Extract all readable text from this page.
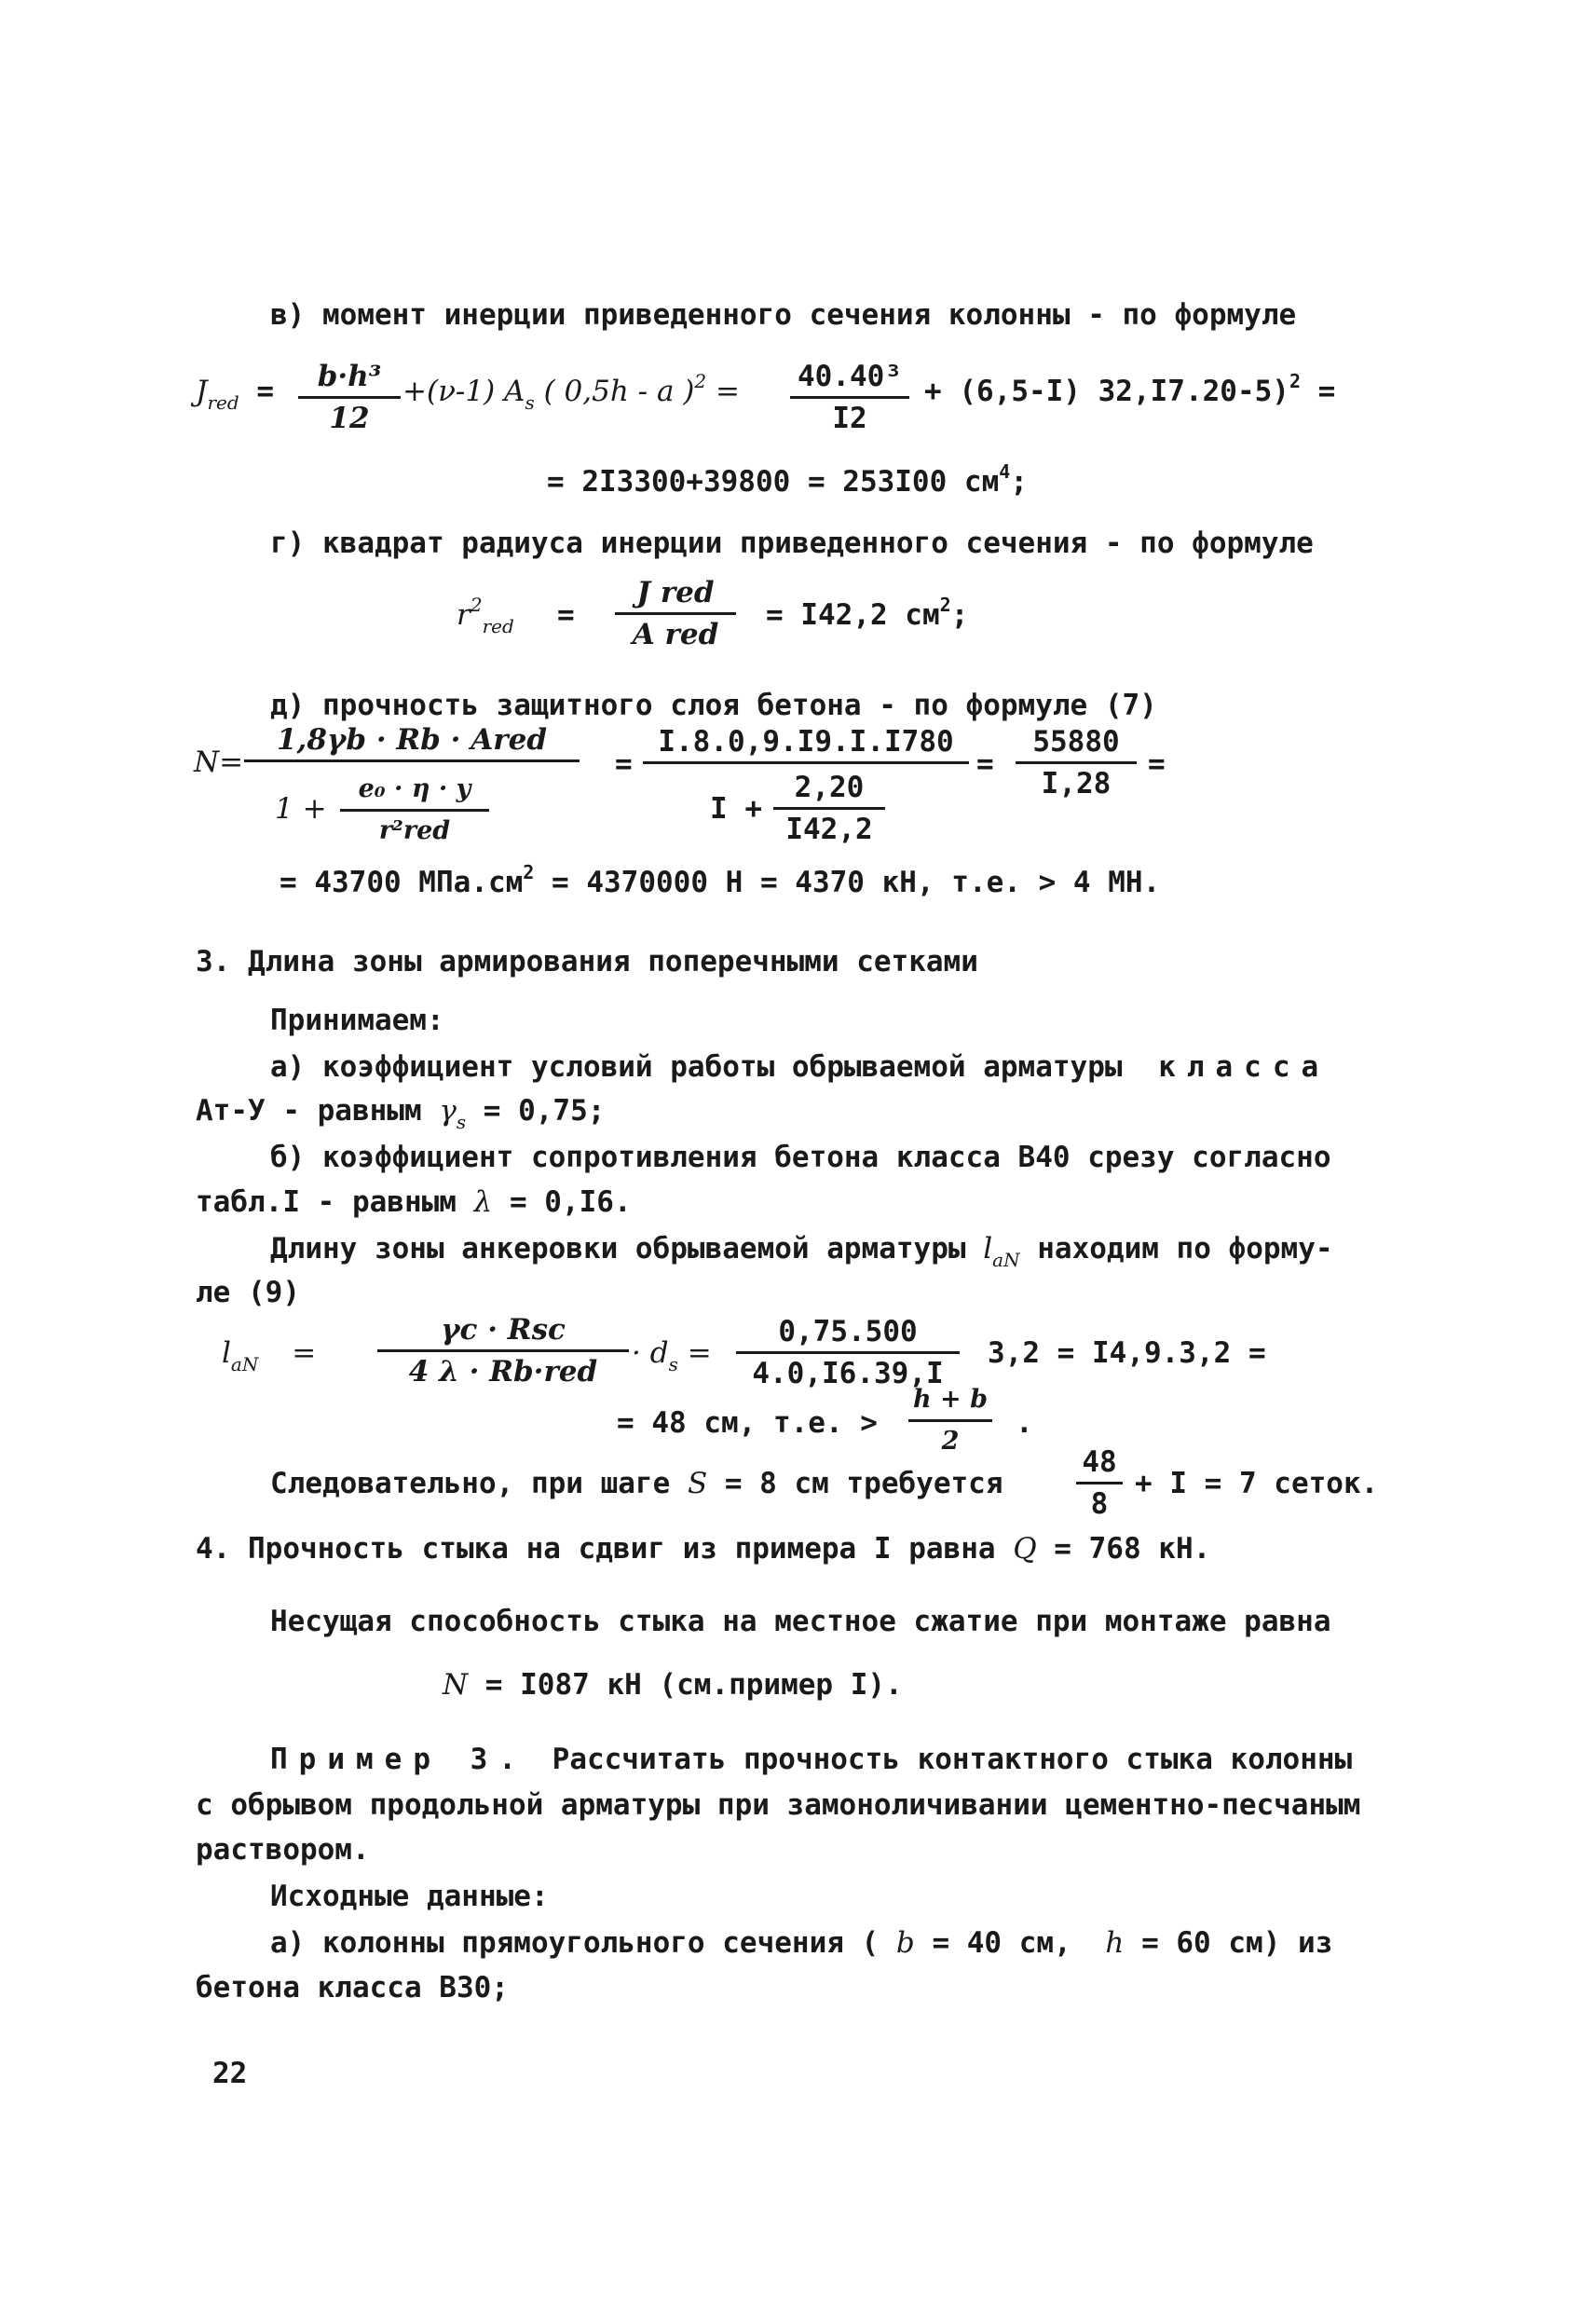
в) момент инерции приведенного сечения колонны - по формуле
$J_{red}$ =	b·h³
12
+(ν-1) $A_s$ ( 0,5h - a )$^2$ = 40.40³
I2
+ (6,5-I) 32,I7.20-5)$^2$ =
= 2I3300+39800 = 253I00 $см^4$;
г) квадрат радиуса инерции приведенного сечения - по формуле
$r^2_{red}$ =
J red
A red
= I42,2 $см^2$;
д) прочность защитного слоя бетона - по формуле (7)
N=
1,8γb · Rb · Ared
1 +
e₀ · η · y
r²red
=
I.8.0,9.I9.I.I780
I +
2,20
I42,2
=
55880
I,28
=
= 43700 $МПа.см^2 = 4370000$ Н = 4370 кН, т.е. > 4 МН.
3. Длина зоны армирования поперечными сетками
Принимаем:
а) коэффициент условий работы обрываемой арматуры класса
Ат-У - равным $\gamma_s = 0,75$;
б) коэффициент сопротивления бетона класса В40 срезу согласно
табл.I - равным λ = 0,I6.
Длину зоны анкеровки обрываемой арматуры $l_{aN}$ находим по форму-
ле (9)
$l_{aN}$ =
γc · Rsc
4 λ · Rb·red
· $d_s$ =
0,75.500
4.0,I6.39,I
3,2 = I4,9.3,2 =
= 48 см, т.е. >
h + b
2
.
Следовательно, при шаге S = 8 см требуется
48
8
+ I = 7 сеток.
4. Прочность стыка на сдвиг из примера I равна Q = 768 кН.
Несущая способность стыка на местное сжатие при монтаже равна
N = I087 кН (см.пример I).
Пример 3. Рассчитать прочность контактного стыка колонны
с обрывом продольной арматуры при замоноличивании цементно-песчаным
раствором.
Исходные данные:
а) колонны прямоугольного сечения ( b = 40 см, h = 60 см) из
бетона класса В30;
22
